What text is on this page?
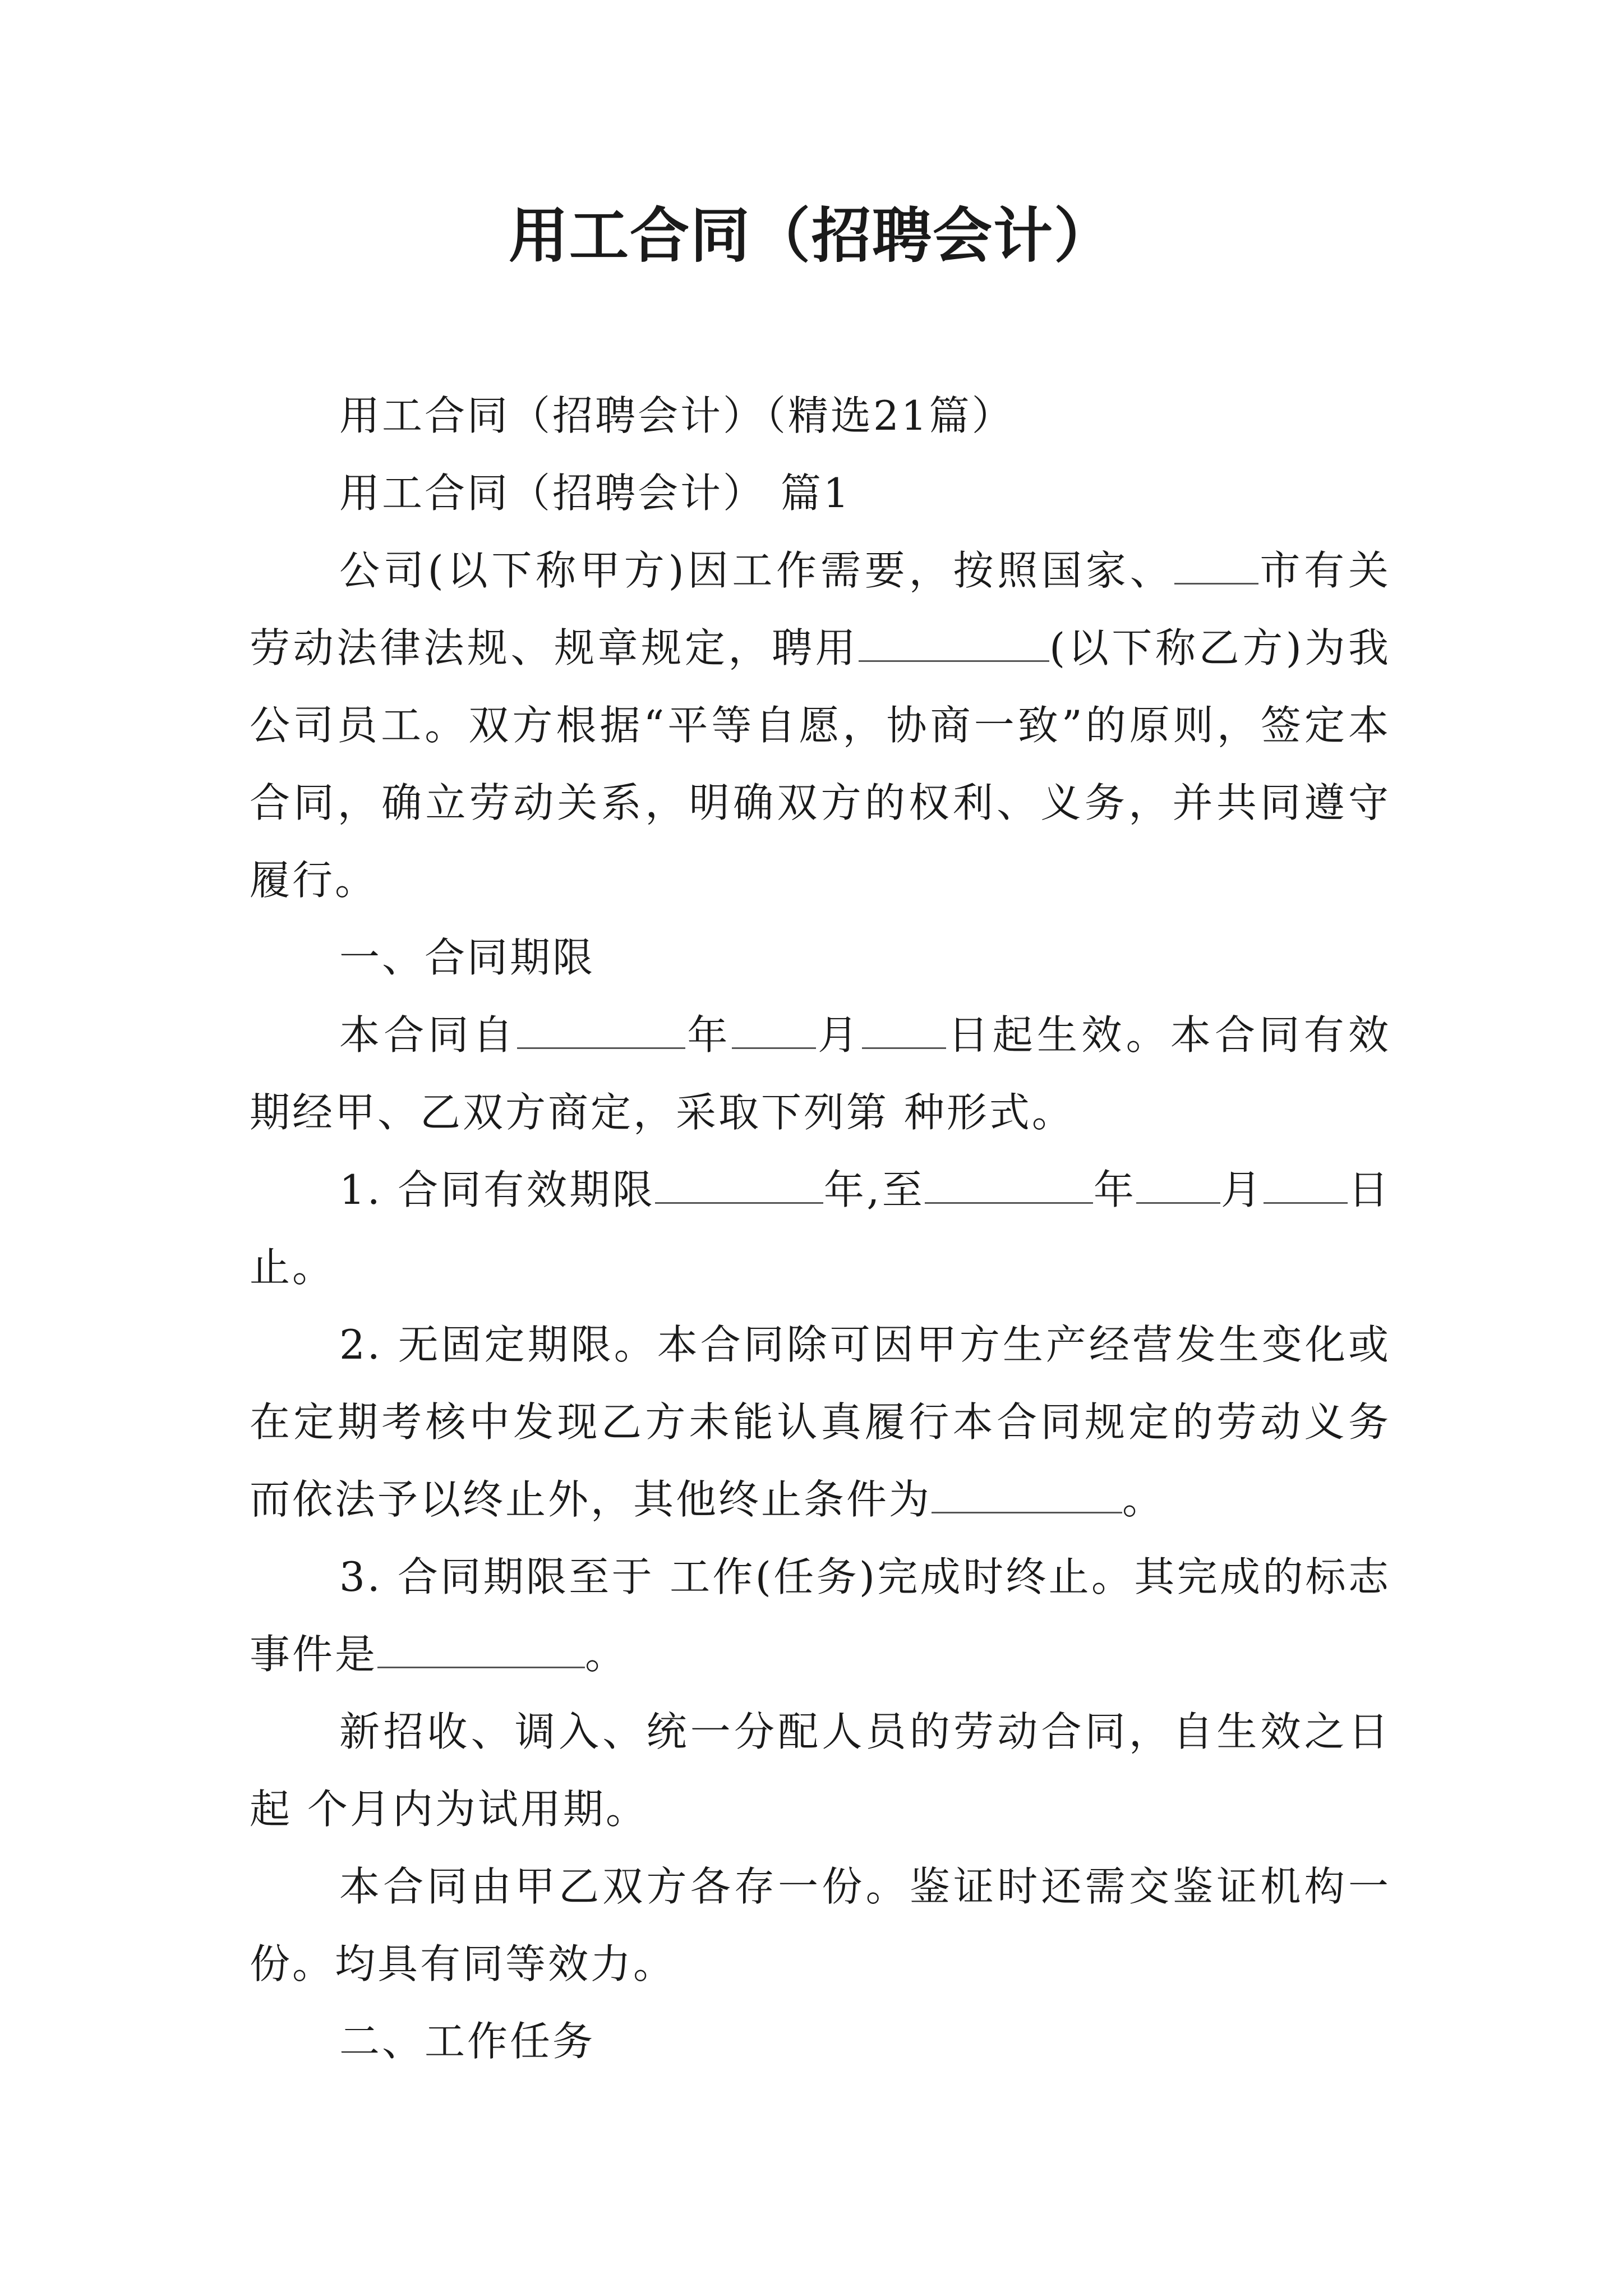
用工合同（招聘会计）

用工合同（招聘会计）（精选21篇）

用工合同（招聘会计） 篇1

公司(以下称甲方)因工作需要，按照国家、 市有关劳动法律法规、规章规定，聘用	(以下称乙方)为我公司员工。双方根据“平等自愿，协商一致”的原则，签定本合同，确立劳动关系，明确双方的权利、义务，并共同遵守履行。

一、合同期限

本合同自	年 月 日起生效。本合同有效期经甲、乙双方商定，采取下列第 种形式。

1. 合同有效期限	年,至	年 月 日止。

2. 无固定期限。本合同除可因甲方生产经营发生变化或在定期考核中发现乙方未能认真履行本合同规定的劳动义务而依法予以终止外，其他终止条件为	。

3. 合同期限至于 工作(任务)完成时终止。其完成的标志事件是	。

新招收、调入、统一分配人员的劳动合同，自生效之日起 个月内为试用期。

本合同由甲乙双方各存一份。鉴证时还需交鉴证机构一份。均具有同等效力。

二、工作任务
